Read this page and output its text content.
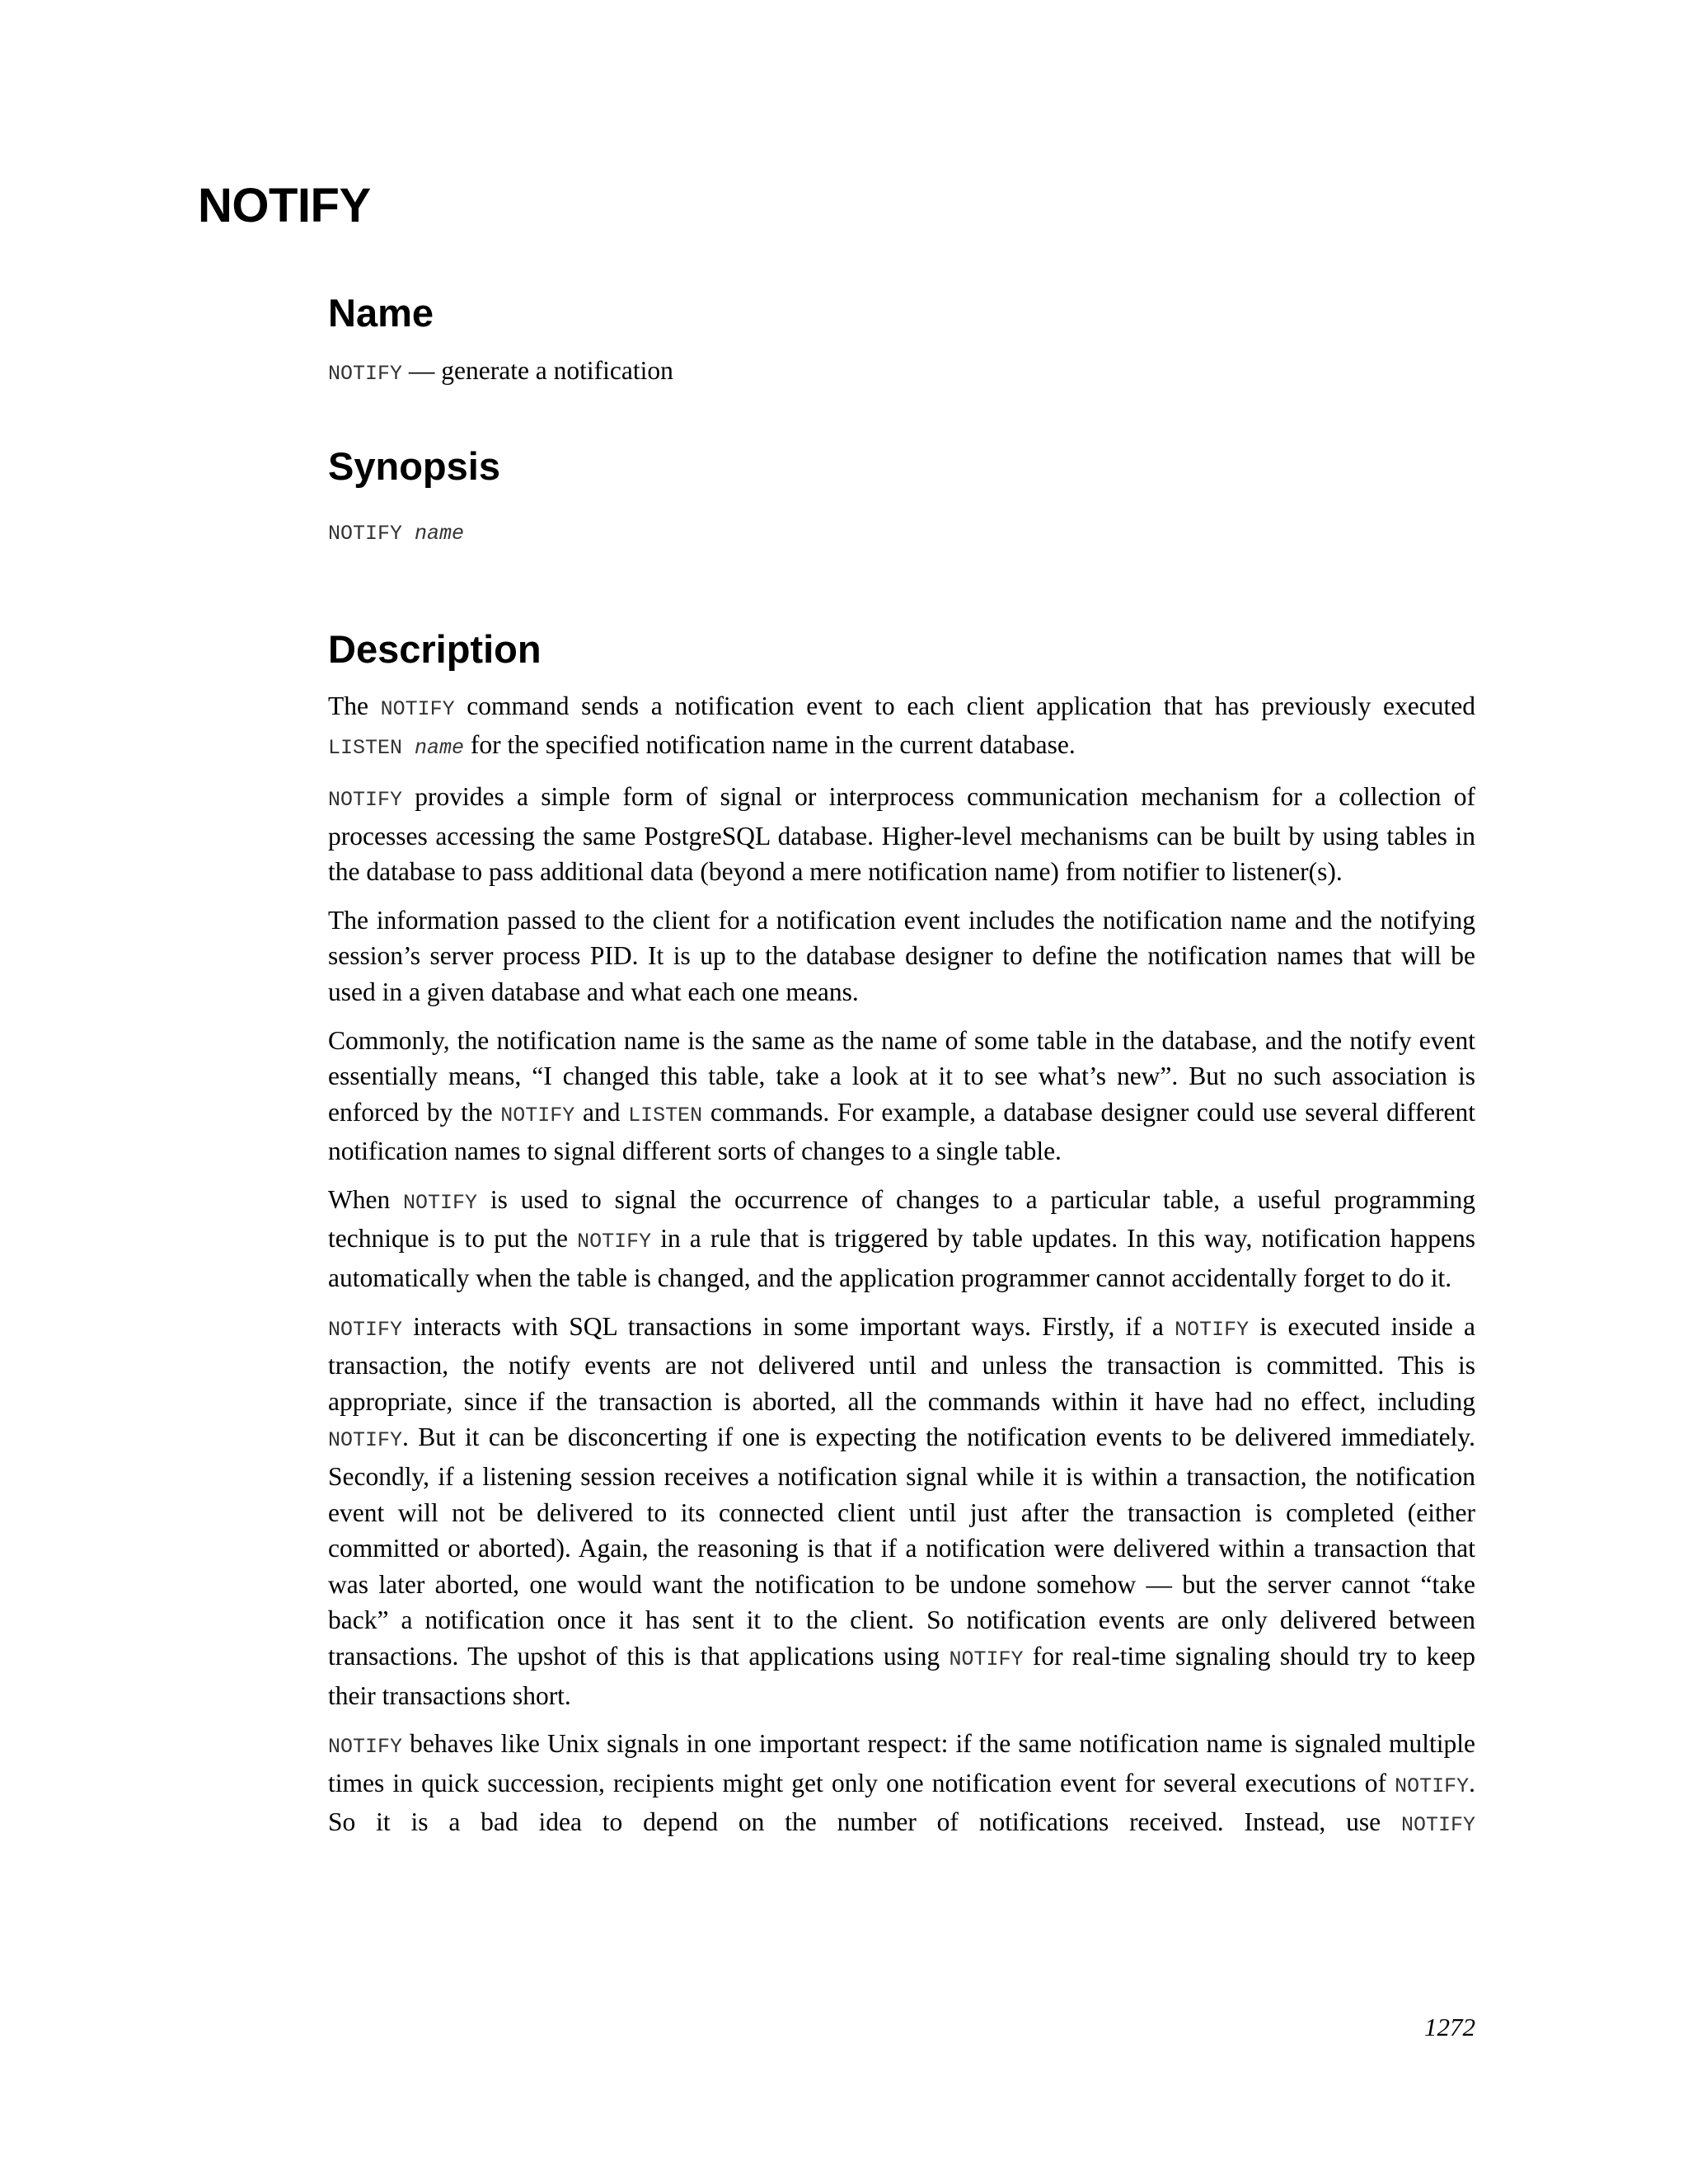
NOTIFY
Name

NOTIFY — generate a notification

Synopsis

NOTIFY name

Description

The NOTIFY command sends a notification event to each client application that has previously executed LISTEN name for the specified notification name in the current database.

NOTIFY provides a simple form of signal or interprocess communication mechanism for a collection of processes accessing the same PostgreSQL database. Higher-level mechanisms can be built by using tables in the database to pass additional data (beyond a mere notification name) from notifier to listener(s).

The information passed to the client for a notification event includes the notification name and the notifying session’s server process PID. It is up to the database designer to define the notification names that will be used in a given database and what each one means.

Commonly, the notification name is the same as the name of some table in the database, and the notify event essentially means, “I changed this table, take a look at it to see what’s new”. But no such association is enforced by the NOTIFY and LISTEN commands. For example, a database designer could use several different notification names to signal different sorts of changes to a single table.

When NOTIFY is used to signal the occurrence of changes to a particular table, a useful programming technique is to put the NOTIFY in a rule that is triggered by table updates. In this way, notification happens automatically when the table is changed, and the application programmer cannot accidentally forget to do it.

NOTIFY interacts with SQL transactions in some important ways. Firstly, if a NOTIFY is executed inside a transaction, the notify events are not delivered until and unless the transaction is committed. This is appropriate, since if the transaction is aborted, all the commands within it have had no effect, including NOTIFY. But it can be disconcerting if one is expecting the notification events to be delivered immediately. Secondly, if a listening session receives a notification signal while it is within a transaction, the notification event will not be delivered to its connected client until just after the transaction is completed (either committed or aborted). Again, the reasoning is that if a notification were delivered within a transaction that was later aborted, one would want the notification to be undone somehow — but the server cannot “take back” a notification once it has sent it to the client. So notification events are only delivered between transactions. The upshot of this is that applications using NOTIFY for real-time signaling should try to keep their transactions short.

NOTIFY behaves like Unix signals in one important respect: if the same notification name is signaled multiple times in quick succession, recipients might get only one notification event for several executions of NOTIFY. So it is a bad idea to depend on the number of notifications received. Instead, use NOTIFY

1272
